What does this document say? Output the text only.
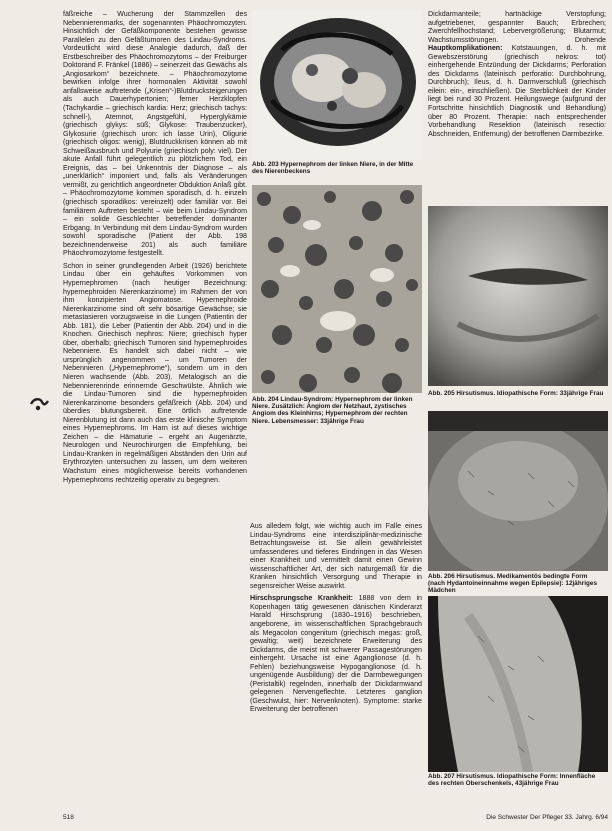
fäßreiche – Wucherung der Stammzellen des Nebennierenmarks, der sogenannten Phäochromozyten. Hinsichtlich der Gefäßkomponente bestehen gewisse Parallelen zu den Gefäßtumoren des Lindau-Syndroms. Vordeutlicht wird diese Analogie dadurch, daß der Erstbeschreiber des Phäochromozytoms – der Freiburger Doktorand F. Fränkel (1886) – seinerzeit das Gewächs als „Angiosarkom“ bezeichnete. – Phäochromozytome bewirken infolge ihrer hormonalen Aktivität sowohl anfallsweise auftretende („Krisen“-)Blutdrucksteigerungen als auch Dauerhypertonien; ferner Herzklopfen (Tachykardie – griechisch kardia: Herz; griechisch tachys: schnell-), Atemnot, Angstgefühl, Hyperglykämie (griechisch glykys: süß; Glykose: Traubenzucker), Glykosurie (griechisch uron: ich lasse Urin), Oligurie (griechisch oligos: wenig), Blutdruckkrisen können ab mit Schweißausbruch und Polyurie (griechisch poly: viel). Der akute Anfall führt gelegentlich zu plötzlichem Tod, ein Ereignis, das – bei Unkenntnis der Diagnose – als „unerklärlich“ imponiert und, falls als Veränderungen vermißt, zu gerichtlich angeordneter Obduktion Anlaß gibt. – Phäochromozytome kommen sporadisch, d. h. einzeln (griechisch sporadikos: vereinzelt) oder familiär vor. Bei familiärem Auftreten besteht – wie beim Lindau-Syndrom – ein solide Geschlechter betreffender dominanter Erbgang. In Verbindung mit dem Lindau-Syndrom wurden sowohl sporadische (Patient der Abb. 198 bezeichnenderweise 201) als auch familiäre Phäochromozytome festgestellt.

Schon in seiner grundlegenden Arbeit (1926) berichtete Lindau über ein gehäuftes Vorkommen von Hypernephromen (nach heutiger Bezeichnung: hypernephroiden Nierenkarzinome) im Rahmen der von ihm konzipierten Angiomatose. Hypernephroide Nierenkarzinome sind oft sehr bösartige Gewächse; sie metastasieren vorzugsweise in die Lungen (Patientin der Abb. 181), die Leber (Patientin der Abb. 204) und in die Knochen. Griechisch nephros: Niere; griechisch hyper über, oberhalb; griechisch Tumoren sind hypernephroides Nebenniere. Es handelt sich dabei nicht – wie ursprünglich angenommen – um Tumoren der Nebennieren („Hypernephrome“), sondern um in den Nieren wachsende (Abb. 203). Metalogisch an die Nebennierenrinde erinnernde Geschwülste. Ähnlich wie die Lindau-Tumoren sind die hypernephroiden Nierenkarzinome besonders gefäßreich (Abb. 204) und überdies blutungsbereit. Eine örtlich auftretende Nierenblutung ist dann auch das erste klinische Symptom eines Hypernephroms. Im Harn ist auf dieses wichtige Zeichen – die Hämaturie – ergeht an Augenärzte, Neurologen und Neurochirurgen die Empfehlung, bei Lindau-Kranken in regelmäßigen Abständen den Urin auf Erythrozyten untersuchen zu lassen, um dem weiteren Wachstum eines möglicherweise bereits vorhandenen Hypernephroms rechtzeitig operativ zu begegnen.

Abb. 203 Hypernephrom der linken Niere, in der Mitte des Nierenbeckens
Abb. 204 Lindau-Syndrom: Hypernephrom der linken Niere. Zusätzlich: Angiom der Netzhaut, zystisches Angiom des Kleinhirns; Hypernephrom der rechten Niere. Lebensmesser: 33jährige Frau

Aus alledem folgt, wie wichtig auch im Falle eines Lindau-Syndroms eine interdisziplinär-medizinische Betrachtungsweise ist. Sie allein gewährleistet umfassenderes und tieferes Eindringen in das Wesen einer Krankheit und vermittelt damit einen Gewinn wissenschaftlicher Art, der sich naturgemäß für die Kranken hinsichtlich Versorgung und Therapie in segensreicher Weise auswirkt.

Hirschsprungsche Krankheit: 1888 von dem in Kopenhagen tätig gewesenen dänischen Kinderarzt Harald Hirschsprung (1830–1916) beschrieben, angeborene, im wissenschaftlichen Sprachgebrauch als Megacolon congenitum (griechisch megas: groß, gewaltig; weit) bezeichnete Erweiterung des Dickdarms, die meist mit schwerer Passagestörungen einhergeht. Ursache ist eine Aganglionose (d. h. Fehlen) beziehungsweise Hypoganglionose (d. h. ungenügende Ausbildung) der die Darmbewegungen (Peristaltik) regelnden, innerhalb der Dickdarmwand gelegenen Nervengeflechte. Letzteres ganglion (Geschwulst, hier: Nervenknoten). Symptome: starke Erweiterung der betroffenen

Dickdarmanteile; hartnäckige Verstopfung; aufgetriebener, gespannter Bauch; Erbrechen; Zwerchfellhochstand; Lebervergrößerung; Blutarmut; Wachstumsstörungen. Drohende Hauptkomplikationen: Kotstauungen, d. h. mit Gewebszerstörung (griechisch nekros: tot) einhergehende Entzündung der Dickdarms; Perforation des Dickdarms (lateinisch perforatio: Durchbohrung, Durchbruch); Ileus, d. h. Darmverschluß (griechisch eilein: ein-, einschließen). Die Sterblichkeit der Kinder liegt bei rund 30 Prozent. Heilungswege (aufgrund der Fortschritte hinsichtlich Diagnostik und Behandlung) über 80 Prozent. Therapie: nach entsprechender Vorbehandlung Resektion (lateinisch resectio: Abschneiden, Entfernung) der betroffenen Darmbezirke.

Abb. 205 Hirsutismus. Idiopathische Form: 33jährige Frau
Abb. 206 Hirsutismus. Medikamentös bedingte Form (nach Hydantoineinnahme wegen Epilepsie): 12jähriges Mädchen
Abb. 207 Hirsutismus. Idiopathische Form: Innenfläche des rechten Oberschenkels, 43jährige Frau
518	Die Schwester Der Pfleger 33. Jahrg. 6/94
